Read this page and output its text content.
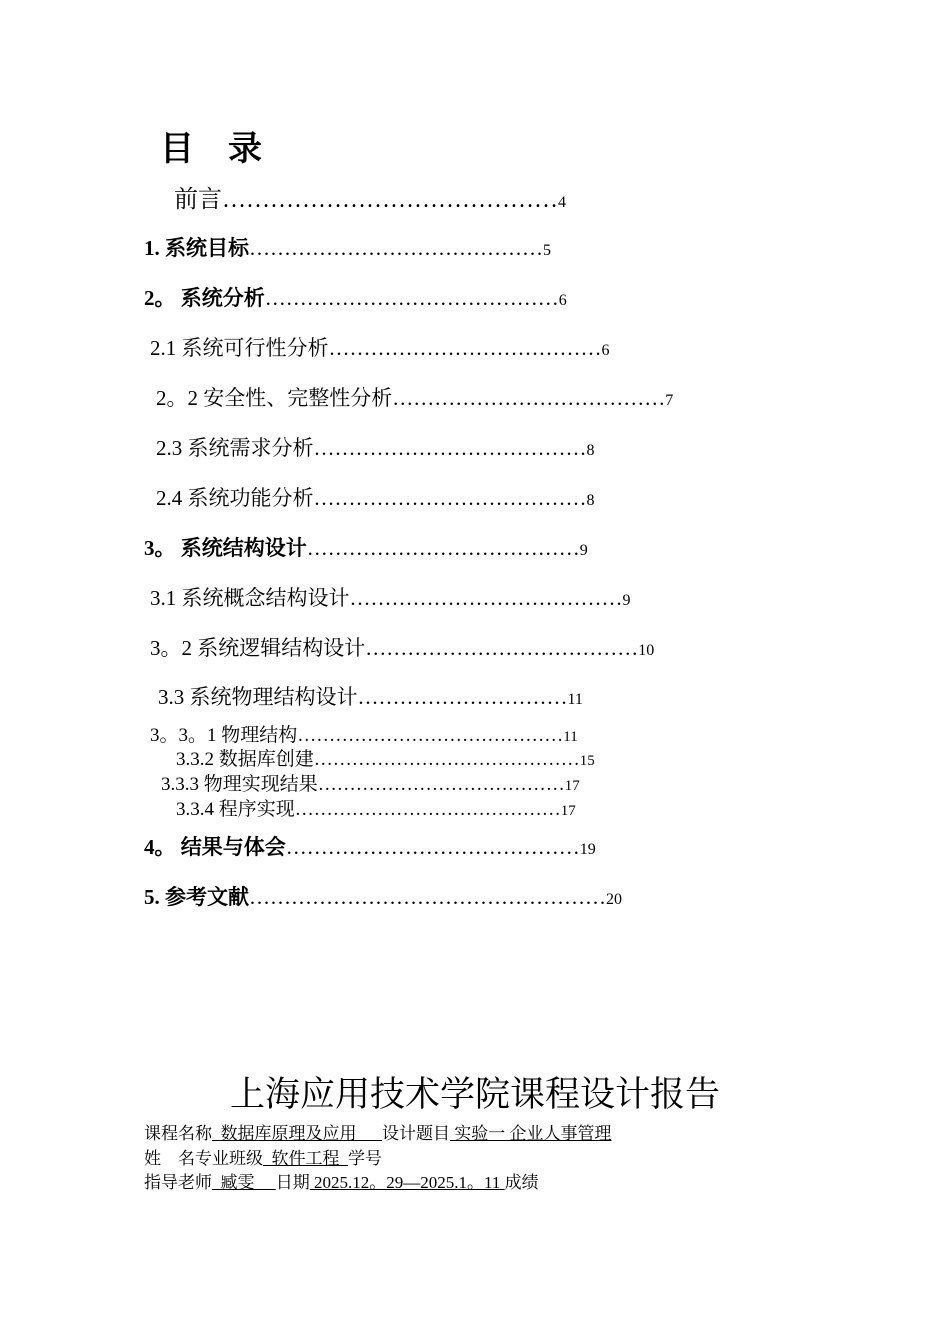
目 录
前言……………………………………4
1. 系统目标……………………………………5
2。 系统分析……………………………………6
2.1 系统可行性分析…………………………………6
2。2 安全性、完整性分析…………………………………7
2.3 系统需求分析…………………………………8
2.4 系统功能分析…………………………………8
3。 系统结构设计…………………………………9
3.1 系统概念结构设计…………………………………9
3。2 系统逻辑结构设计…………………………………10
3.3 系统物理结构设计…………………………11
3。3。1 物理结构……………………………………11
3.3.2 数据库创建……………………………………15
3.3.3 物理实现结果…………………………………17
3.3.4 程序实现……………………………………17
4。 结果与体会……………………………………19
5. 参考文献……………………………………………20
上海应用技术学院课程设计报告
课程名称  数据库原理及应用      设计题目 实验一 企业人事管理
姓    名专业班级  软件工程  学号
指导老师  臧雯     日期 2025.12。29—2025.1。11 成绩
